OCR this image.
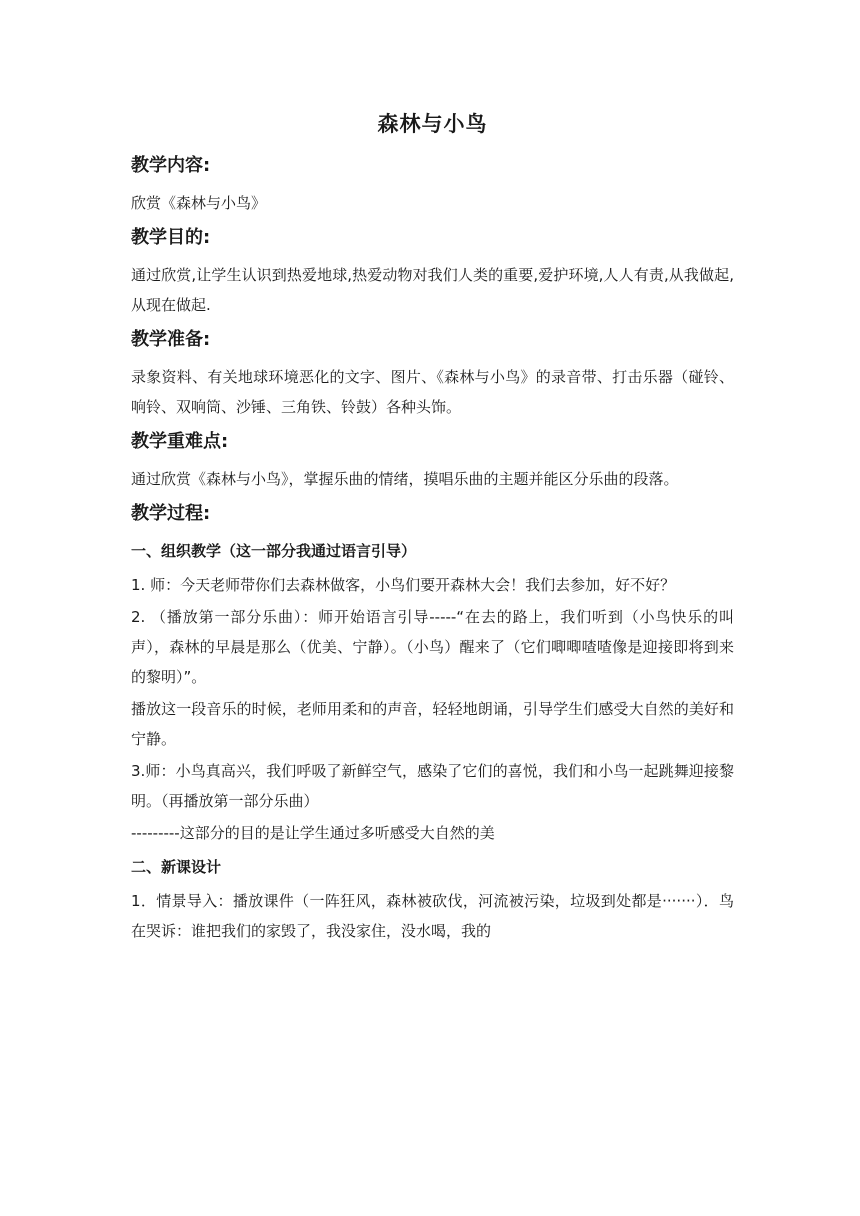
森林与小鸟
教学内容:
欣赏《森林与小鸟》
教学目的:
通过欣赏,让学生认识到热爱地球,热爱动物对我们人类的重要,爱护环境,人人有责,从我做起,从现在做起.
教学准备:
录象资料、有关地球环境恶化的文字、图片、《森林与小鸟》的录音带、打击乐器（碰铃、响铃、双响筒、沙锤、三角铁、铃鼓）各种头饰。
教学重难点:
通过欣赏《森林与小鸟》，掌握乐曲的情绪，摸唱乐曲的主题并能区分乐曲的段落。
教学过程:
一、组织教学（这一部分我通过语言引导）
1. 师：今天老师带你们去森林做客，小鸟们要开森林大会！我们去参加，好不好？
2. （播放第一部分乐曲）：师开始语言引导-----“在去的路上，我们听到（小鸟快乐的叫声），森林的早晨是那么（优美、宁静）。（小鸟）醒来了（它们唧唧喳喳像是迎接即将到来的黎明）”。
播放这一段音乐的时候，老师用柔和的声音，轻轻地朗诵，引导学生们感受大自然的美好和宁静。
3.师：小鸟真高兴，我们呼吸了新鲜空气，感染了它们的喜悦，我们和小鸟一起跳舞迎接黎明。（再播放第一部分乐曲）
---------这部分的目的是让学生通过多听感受大自然的美
二、新课设计
1．情景导入：播放课件（一阵狂风，森林被砍伐，河流被污染，垃圾到处都是·······）．鸟在哭诉：谁把我们的家毁了，我没家住，没水喝，我的
